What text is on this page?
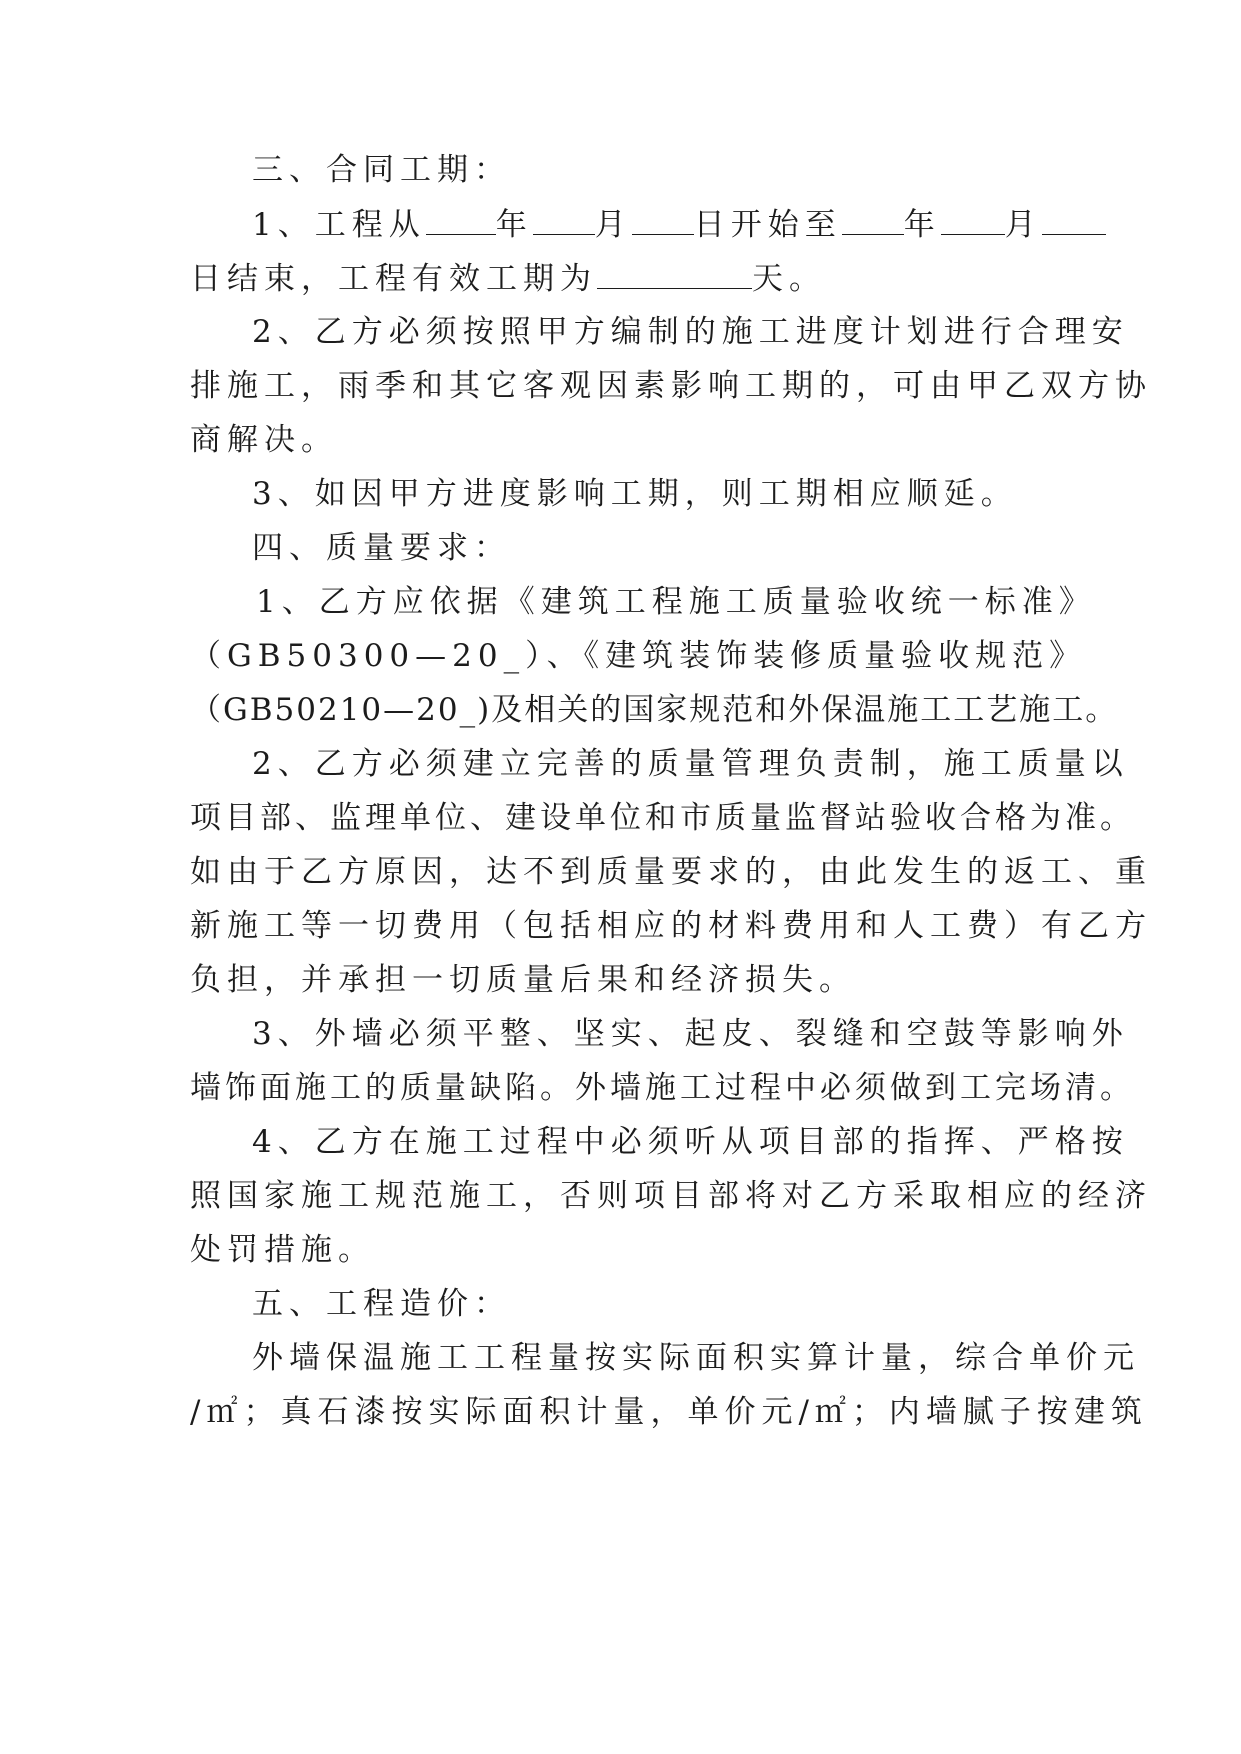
三、合同工期：
1、工程从 年 月 日开始至 年 月
日结束，工程有效工期为	天。
2、乙方必须按照甲方编制的施工进度计划进行合理安
排施工，雨季和其它客观因素影响工期的，可由甲乙双方协
商解决。
3、如因甲方进度影响工期，则工期相应顺延。
四、质量要求：
1、乙方应依据《建筑工程施工质量验收统一标准》
（GB50300—20_）、《建筑装饰装修质量验收规范》
（GB50210—20_)及相关的国家规范和外保温施工工艺施工。
2、乙方必须建立完善的质量管理负责制，施工质量以
项目部、监理单位、建设单位和市质量监督站验收合格为准。
如由于乙方原因，达不到质量要求的，由此发生的返工、重
新施工等一切费用（包括相应的材料费用和人工费）有乙方
负担，并承担一切质量后果和经济损失。
3、外墙必须平整、坚实、起皮、裂缝和空鼓等影响外
墙饰面施工的质量缺陷。外墙施工过程中必须做到工完场清。
4、乙方在施工过程中必须听从项目部的指挥、严格按
照国家施工规范施工，否则项目部将对乙方采取相应的经济
处罚措施。
五、工程造价：
外墙保温施工工程量按实际面积实算计量，综合单价元
/㎡；真石漆按实际面积计量，单价元/㎡；内墙腻子按建筑
